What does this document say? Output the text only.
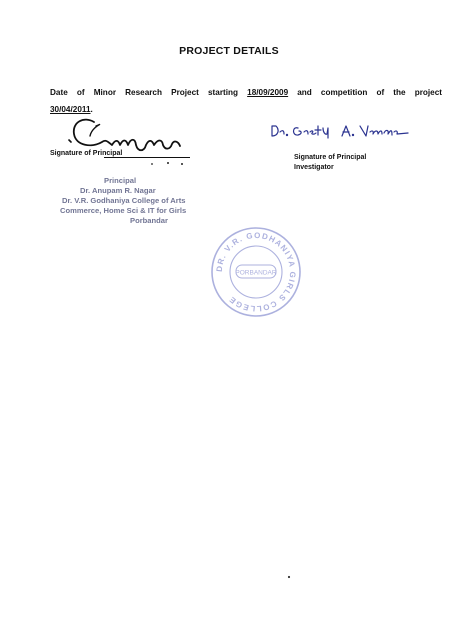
PROJECT DETAILS
Date of Minor Research Project starting 18/09/2009 and competition of the project 30/04/2011.
Signature of Principal
Signature of Principal
Investigator
Principal
Dr. Anupam R. Nagar
Dr. V.R. Godhaniya College of Arts
Commerce, Home Sci & IT for Girls
Porbandar
DR. V.R. GODHANIYA GIRLS COLLEGE
PORBANDAR
